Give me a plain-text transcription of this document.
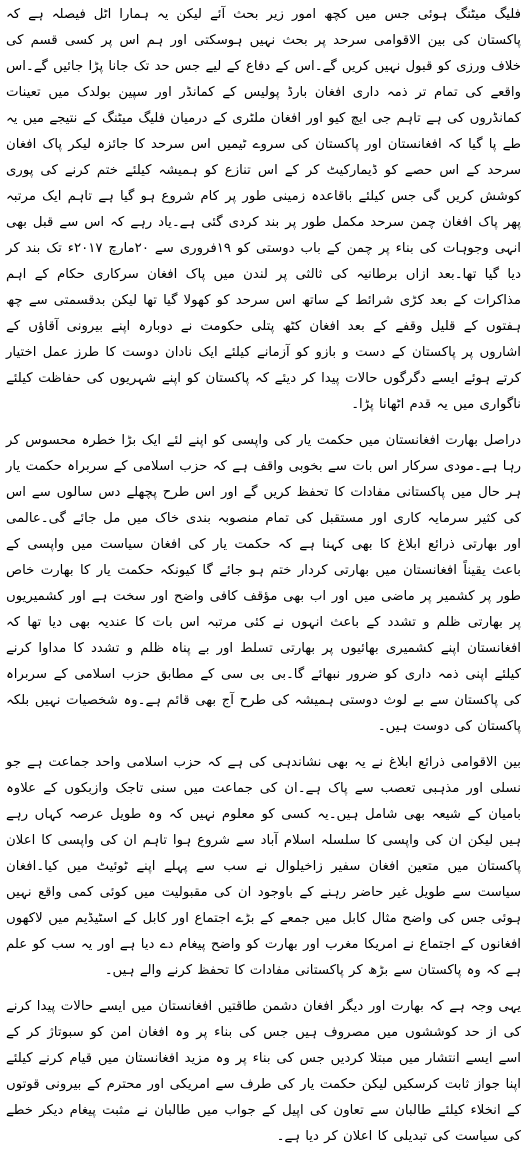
فلیگ میٹنگ ہوئی جس میں کچھ امور زیر بحث آئے لیکن یہ ہمارا اٹل فیصلہ ہے کہ پاکستان کی بین الاقوامی سرحد پر بحث نہیں ہوسکتی اور ہم اس پر کسی قسم کی خلاف ورزی کو قبول نہیں کریں گے۔اس کے دفاع کے لیے جس حد تک جانا پڑا جائیں گے۔اس واقعے کی تمام تر ذمہ داری افغان بارڈ پولیس کے کمانڈر اور سپین بولدک میں تعینات کمانڈروں کی ہے تاہم جی ایچ کیو اور افغان ملٹری کے درمیان فلیگ میٹنگ کے نتیجے میں یہ طے پا گیا کہ افغانستان اور پاکستان کی سروے ٹیمیں اس سرحد کا جائزہ لیکر پاک افغان سرحد کے اس حصے کو ڈیمارکیٹ کر کے اس تنازع کو ہمیشہ کیلئے ختم کرنے کی پوری کوشش کریں گی جس کیلئے باقاعدہ زمینی طور پر کام شروع ہو گیا ہے تاہم ایک مرتبہ پھر پاک افغان چمن سرحد مکمل طور پر بند کردی گئی ہے۔یاد رہے کہ اس سے قبل بھی انہی وجوہات کی بناء پر چمن کے باب دوستی کو ۱۹فروری سے ۲۰مارچ ۲۰۱۷ء تک بند کر دیا گیا تھا۔بعد ازاں برطانیہ کی ثالثی پر لندن میں پاک افغان سرکاری حکام کے اہم مذاکرات کے بعد کڑی شرائط کے ساتھ اس سرحد کو کھولا گیا تھا لیکن بدقسمتی سے چھ ہفتوں کے قلیل وقفے کے بعد افغان کٹھ پتلی حکومت نے دوبارہ اپنے بیرونی آقاؤں کے اشاروں پر پاکستان کے دست و بازو کو آزمانے کیلئے ایک نادان دوست کا طرز عمل اختیار کرتے ہوئے ایسے دگرگوں حالات پیدا کر دیئے کہ پاکستان کو اپنے شہریوں کی حفاظت کیلئے ناگواری میں یہ قدم اٹھانا پڑا۔

دراصل بھارت افغانستان میں حکمت یار کی واپسی کو اپنے لئے ایک بڑا خطرہ محسوس کر رہا ہے۔مودی سرکار اس بات سے بخوبی واقف ہے کہ حزب اسلامی کے سربراہ حکمت یار ہر حال میں پاکستانی مفادات کا تحفظ کریں گے اور اس طرح پچھلے دس سالوں سے اس کی کثیر سرمایہ کاری اور مستقبل کی تمام منصوبہ بندی خاک میں مل جائے گی۔عالمی اور بھارتی ذرائع ابلاغ کا بھی کہنا ہے کہ حکمت یار کی افغان سیاست میں واپسی کے باعث یقیناً افغانستان میں بھارتی کردار ختم ہو جائے گا کیونکہ حکمت یار کا بھارت خاص طور پر کشمیر پر ماضی میں اور اب بھی مؤقف کافی واضح اور سخت ہے اور کشمیریوں پر بھارتی ظلم و تشدد کے باعث انہوں نے کئی مرتبہ اس بات کا عندیہ بھی دیا تھا کہ افغانستان اپنے کشمیری بھائیوں پر بھارتی تسلط اور بے پناہ ظلم و تشدد کا مداوا کرنے کیلئے اپنی ذمہ داری کو ضرور نبھائے گا۔بی بی سی کے مطابق حزب اسلامی کے سربراہ کی پاکستان سے بے لوث دوستی ہمیشہ کی طرح آج بھی قائم ہے۔وہ شخصیات نہیں بلکہ پاکستان کی دوست ہیں۔

بین الاقوامی ذرائع ابلاغ نے یہ بھی نشاندہی کی ہے کہ حزب اسلامی واحد جماعت ہے جو نسلی اور مذہبی تعصب سے پاک ہے۔ان کی جماعت میں سنی تاجک وازبکوں کے علاوہ بامیان کے شیعہ بھی شامل ہیں۔یہ کسی کو معلوم نہیں کہ وہ طویل عرصہ کہاں رہے ہیں لیکن ان کی واپسی کا سلسلہ اسلام آباد سے شروع ہوا تاہم ان کی واپسی کا اعلان پاکستان میں متعین افغان سفیر زاخیلوال نے سب سے پہلے اپنے ٹوئیٹ میں کیا۔افغان سیاست سے طویل غیر حاضر رہنے کے باوجود ان کی مقبولیت میں کوئی کمی واقع نہیں ہوئی جس کی واضح مثال کابل میں جمعے کے بڑے اجتماع اور کابل کے اسٹیڈیم میں لاکھوں افغانوں کے اجتماع نے امریکا مغرب اور بھارت کو واضح پیغام دے دیا ہے اور یہ سب کو علم ہے کہ وہ پاکستان سے بڑھ کر پاکستانی مفادات کا تحفظ کرنے والے ہیں۔

یہی وجہ ہے کہ بھارت اور دیگر افغان دشمن طاقتیں افغانستان میں ایسے حالات پیدا کرنے کی از حد کوششوں میں مصروف ہیں جس کی بناء پر وہ افغان امن کو سبوتاژ کر کے اسے ایسے انتشار میں مبتلا کردیں جس کی بناء پر وہ مزید افغانستان میں قیام کرنے کیلئے اپنا جواز ثابت کرسکیں لیکن حکمت یار کی طرف سے امریکی اور محترم کے بیرونی قوتوں کے انخلاء کیلئے طالبان سے تعاون کی اپیل کے جواب میں طالبان نے مثبت پیغام دیکر خطے کی سیاست کی تبدیلی کا اعلان کر دیا ہے۔
